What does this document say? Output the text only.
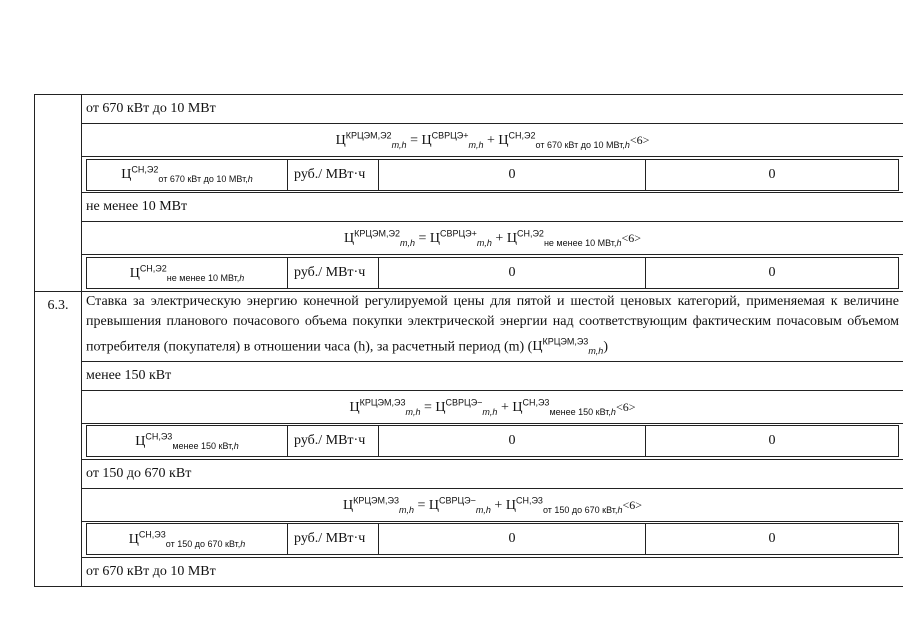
	от 670 кВт до 10 МВт
	$Ц^{КРЦЭМ,Э2}_{m,h} = Ц^{СВРЦЭ+}_{m,h} + Ц^{СН,Э2}_{от 670 кВт до 10 МВт,h}<6>$

$Ц^{СН,Э2}_{от 670 кВт до 10 МВт,h}$	руб./ МВт·ч	0	0

	не менее 10 МВт
	$Ц^{КРЦЭМ,Э2}_{m,h} = Ц^{СВРЦЭ+}_{m,h} + Ц^{СН,Э2}_{не менее 10 МВт,h}<6>$

$Ц^{СН,Э2}_{не менее 10 МВт,h}$	руб./ МВт·ч	0	0

6.3.	Ставка за электрическую энергию конечной регулируемой цены для пятой и шестой ценовых категорий, применяемая к величине превышения планового почасового объема покупки электрической энергии над соответствующим фактическим почасовым объемом потребителя (покупателя) в отношении часа (h), за расчетный период (m) $(Ц^{КРЦЭМ,Э3}_{m,h})$
	менее 150 кВт
	$Ц^{КРЦЭМ,Э3}_{m,h} = Ц^{СВРЦЭ-}_{m,h} + Ц^{СН,Э3}_{менее 150 кВт,h}<6>$

$Ц^{СН,Э3}_{менее 150 кВт,h}$	руб./ МВт·ч	0	0

	от 150 до 670 кВт
	$Ц^{КРЦЭМ,Э3}_{m,h} = Ц^{СВРЦЭ-}_{m,h} + Ц^{СН,Э3}_{от 150 до 670 кВт,h}<6>$

$Ц^{СН,Э3}_{от 150 до 670 кВт,h}$	руб./ МВт·ч	0	0

	от 670 кВт до 10 МВт
